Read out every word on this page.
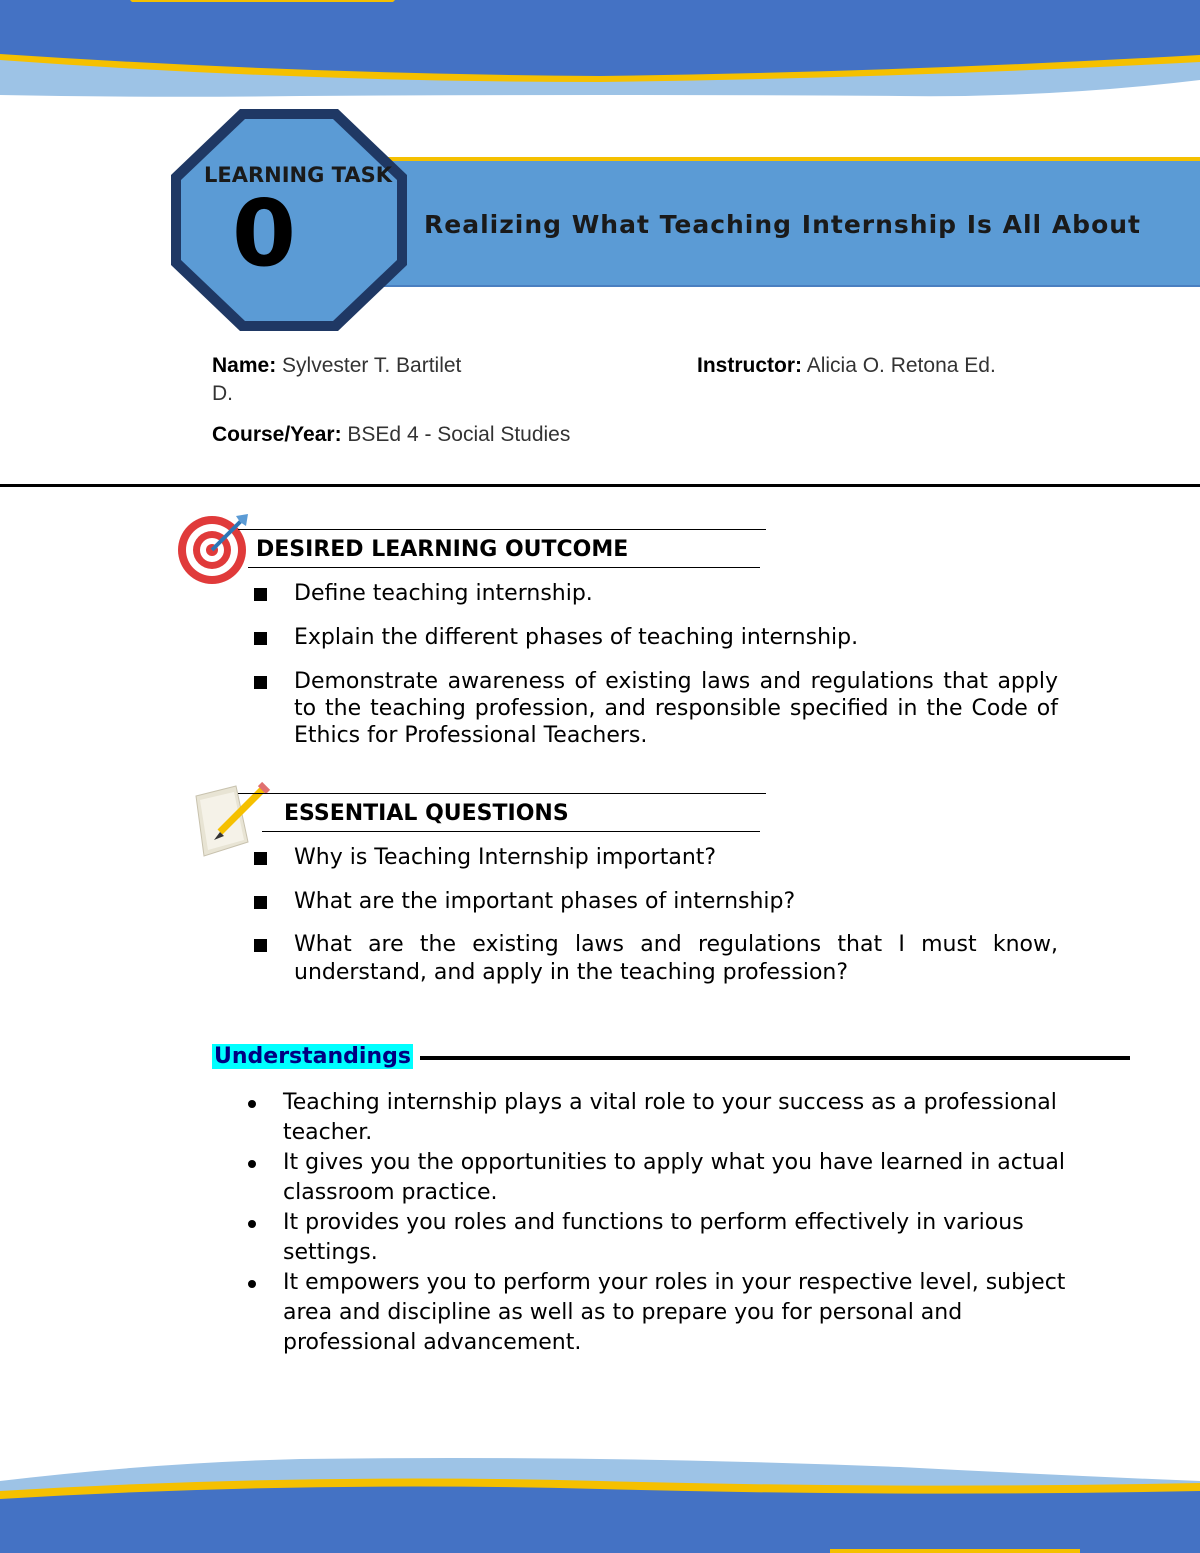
Realizing What Teaching Internship Is All About
LEARNING TASK
0
Name: Sylvester T. Bartilet
D.
Instructor: Alicia O. Retona Ed.
Course/Year: BSEd 4 - Social Studies
DESIRED LEARNING OUTCOME
Define teaching internship.
Explain the different phases of teaching internship.
Demonstrate awareness of existing laws and regulations that apply to the teaching profession, and responsible specified in the Code of Ethics for Professional Teachers.
ESSENTIAL QUESTIONS
Why is Teaching Internship important?
What are the important phases of internship?
What are the existing laws and regulations that I must know, understand, and apply in the teaching profession?
Understandings
Teaching internship plays a vital role to your success as a professional teacher.
It gives you the opportunities to apply what you have learned in actual classroom practice.
It provides you roles and functions to perform effectively in various settings.
It empowers you to perform your roles in your respective level, subject area and discipline as well as to prepare you for personal and professional advancement.
